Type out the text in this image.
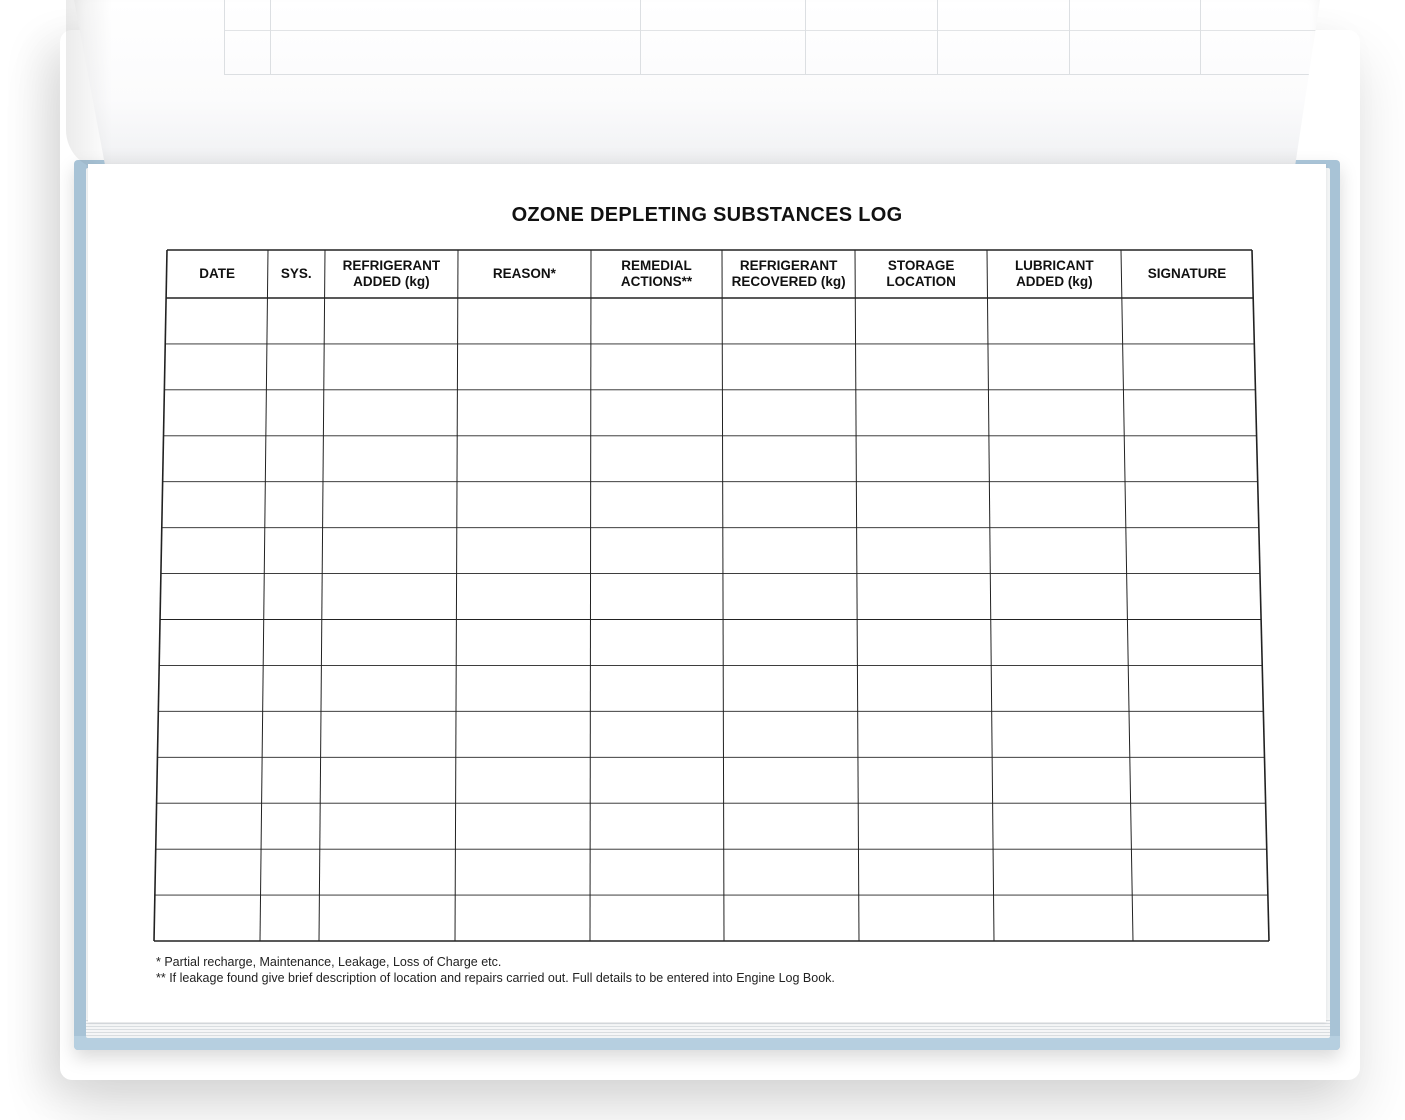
OZONE DEPLETING SUBSTANCES LOG
DATE	SYS.
REFRIGERANT
ADDED (kg)
REASON*
REMEDIAL
ACTIONS**
REFRIGERANT
RECOVERED (kg)
STORAGE
LOCATION
LUBRICANT
ADDED (kg)
SIGNATURE
* Partial recharge, Maintenance, Leakage, Loss of Charge etc.
** If leakage found give brief description of location and repairs carried out. Full details to be entered into Engine Log Book.
